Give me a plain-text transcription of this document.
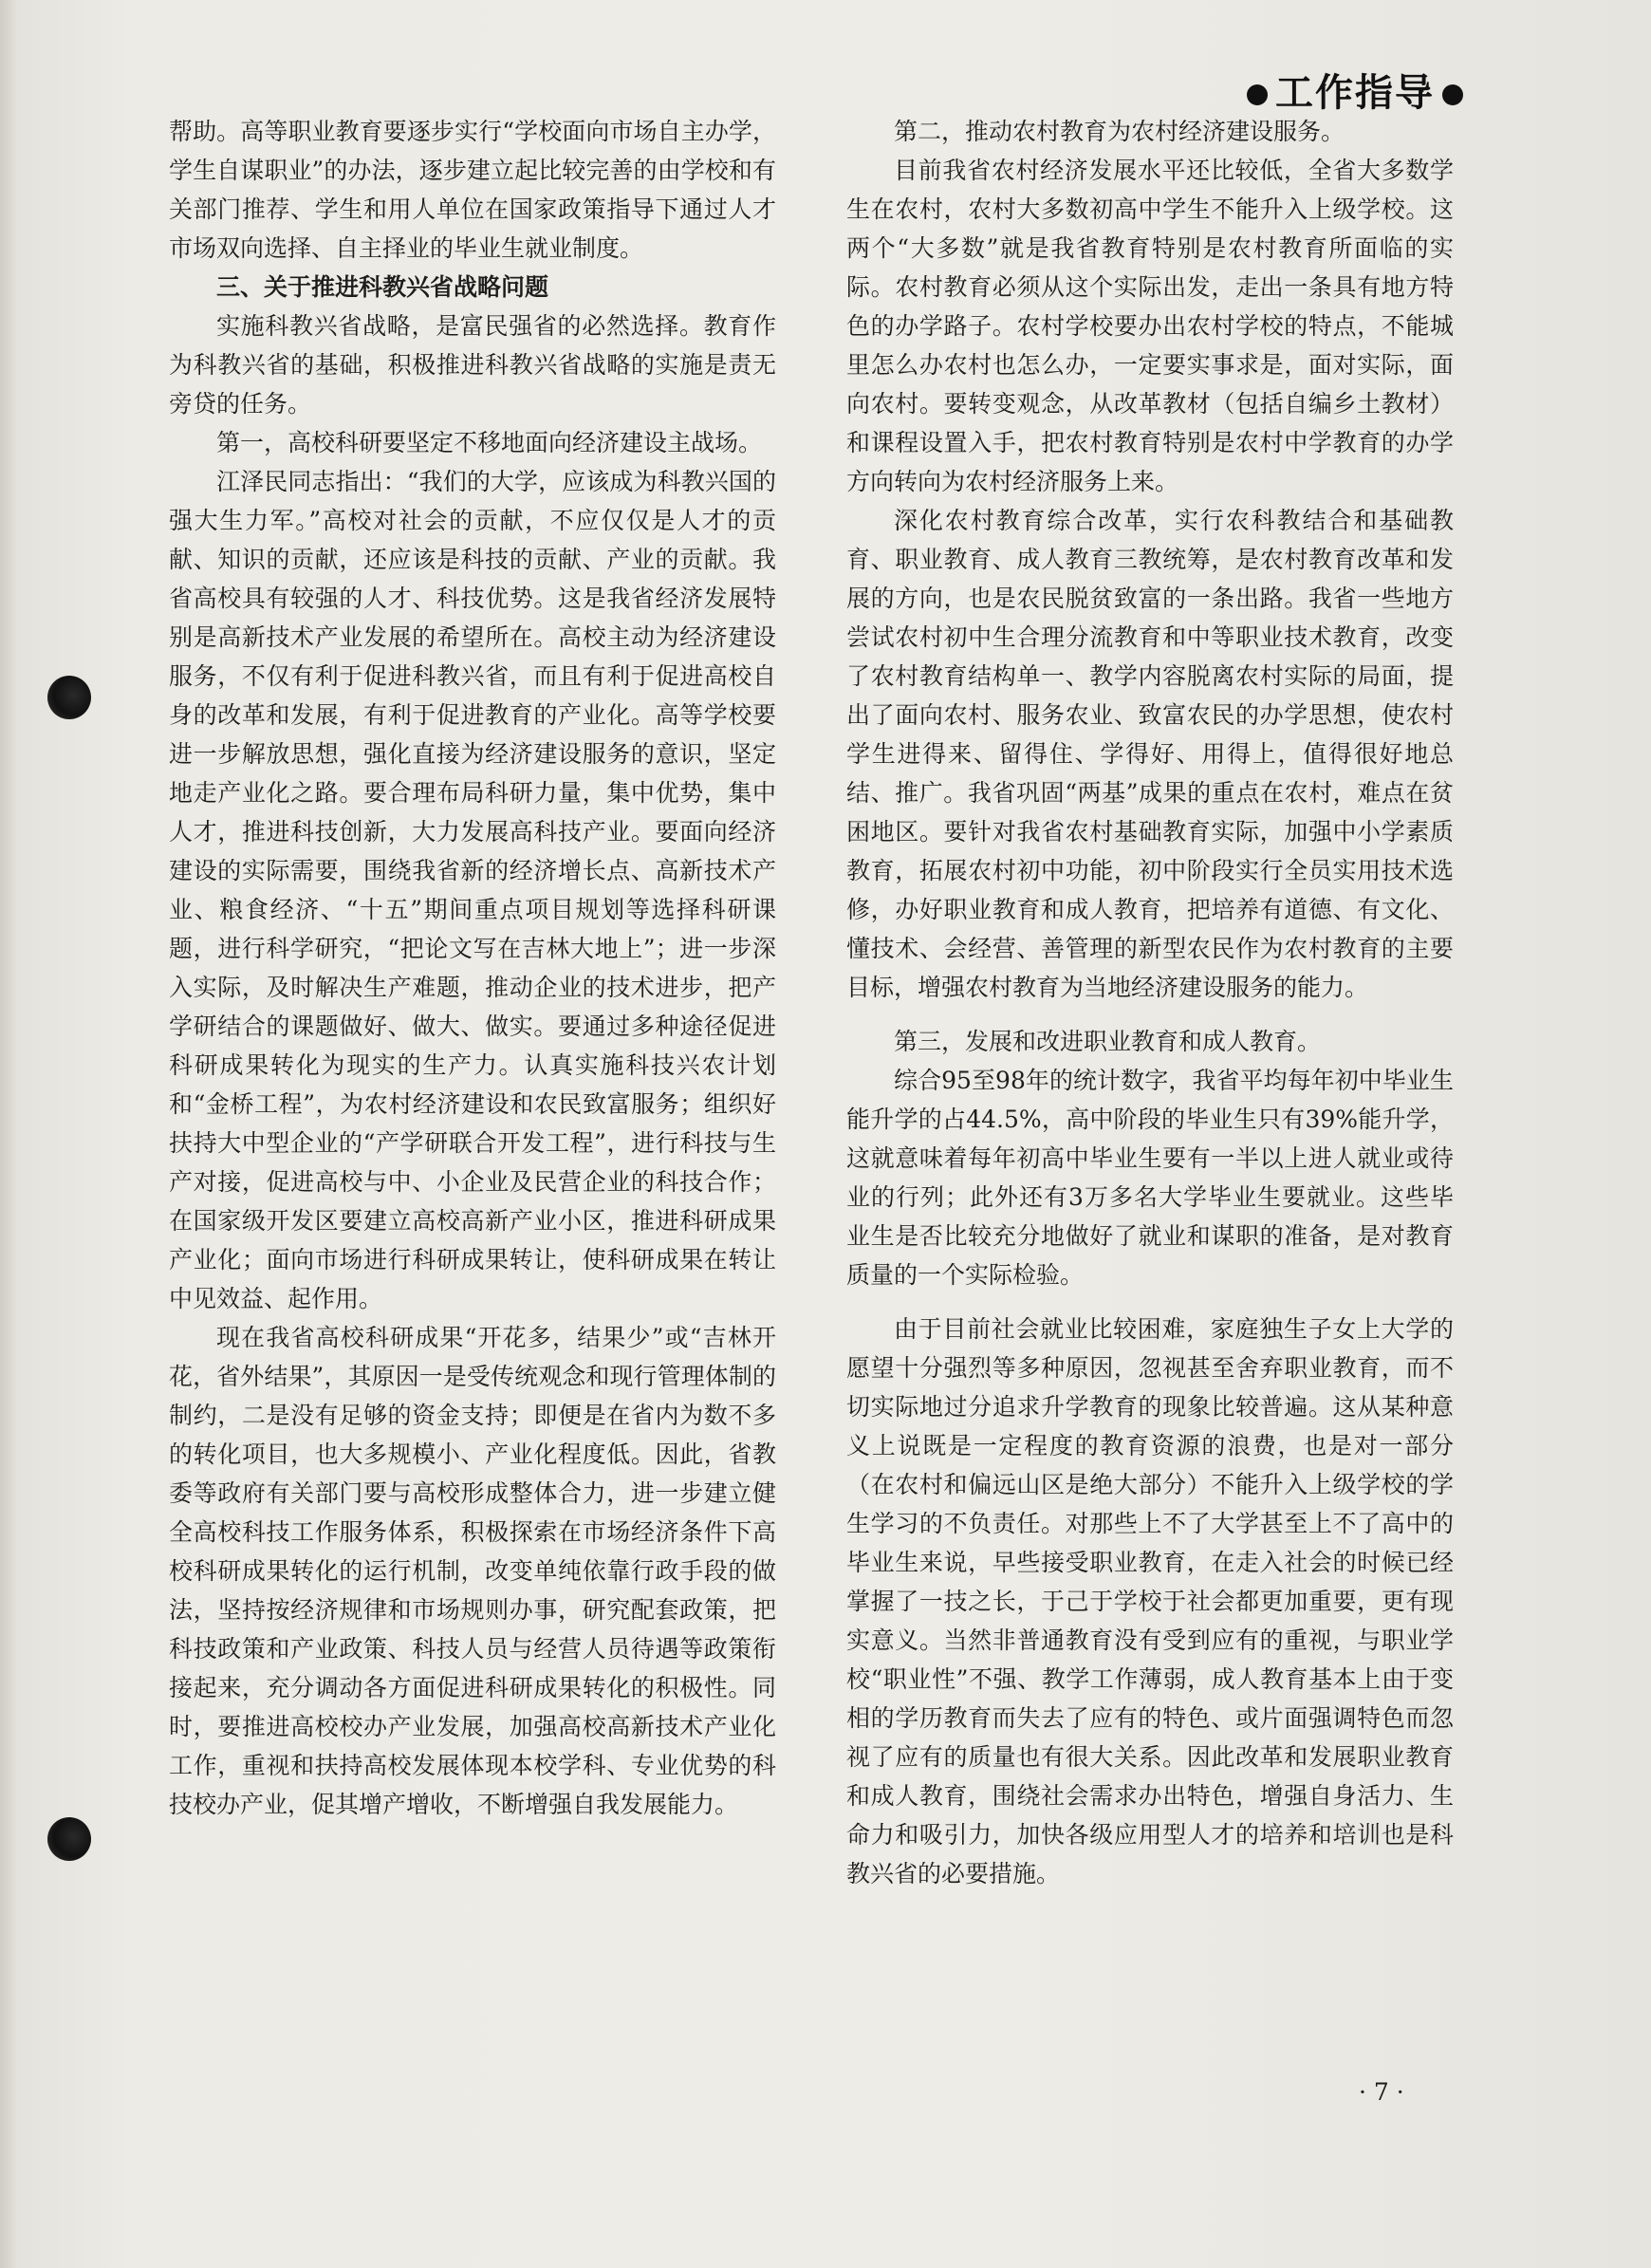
工作指导

帮助。高等职业教育要逐步实行“学校面向市场自主办学，学生自谋职业”的办法，逐步建立起比较完善的由学校和有关部门推荐、学生和用人单位在国家政策指导下通过人才市场双向选择、自主择业的毕业生就业制度。

三、关于推进科教兴省战略问题

实施科教兴省战略，是富民强省的必然选择。教育作为科教兴省的基础，积极推进科教兴省战略的实施是责无旁贷的任务。

第一，高校科研要坚定不移地面向经济建设主战场。

江泽民同志指出：“我们的大学，应该成为科教兴国的强大生力军。”高校对社会的贡献，不应仅仅是人才的贡献、知识的贡献，还应该是科技的贡献、产业的贡献。我省高校具有较强的人才、科技优势。这是我省经济发展特别是高新技术产业发展的希望所在。高校主动为经济建设服务，不仅有利于促进科教兴省，而且有利于促进高校自身的改革和发展，有利于促进教育的产业化。高等学校要进一步解放思想，强化直接为经济建设服务的意识，坚定地走产业化之路。要合理布局科研力量，集中优势，集中人才，推进科技创新，大力发展高科技产业。要面向经济建设的实际需要，围绕我省新的经济增长点、高新技术产业、粮食经济、“十五”期间重点项目规划等选择科研课题，进行科学研究，“把论文写在吉林大地上”；进一步深入实际，及时解决生产难题，推动企业的技术进步，把产学研结合的课题做好、做大、做实。要通过多种途径促进科研成果转化为现实的生产力。认真实施科技兴农计划和“金桥工程”，为农村经济建设和农民致富服务；组织好扶持大中型企业的“产学研联合开发工程”，进行科技与生产对接，促进高校与中、小企业及民营企业的科技合作；在国家级开发区要建立高校高新产业小区，推进科研成果产业化；面向市场进行科研成果转让，使科研成果在转让中见效益、起作用。

现在我省高校科研成果“开花多，结果少”或“吉林开花，省外结果”，其原因一是受传统观念和现行管理体制的制约，二是没有足够的资金支持；即便是在省内为数不多的转化项目，也大多规模小、产业化程度低。因此，省教委等政府有关部门要与高校形成整体合力，进一步建立健全高校科技工作服务体系，积极探索在市场经济条件下高校科研成果转化的运行机制，改变单纯依靠行政手段的做法，坚持按经济规律和市场规则办事，研究配套政策，把科技政策和产业政策、科技人员与经营人员待遇等政策衔接起来，充分调动各方面促进科研成果转化的积极性。同时，要推进高校校办产业发展，加强高校高新技术产业化工作，重视和扶持高校发展体现本校学科、专业优势的科技校办产业，促其增产增收，不断增强自我发展能力。

第二，推动农村教育为农村经济建设服务。

目前我省农村经济发展水平还比较低，全省大多数学生在农村，农村大多数初高中学生不能升入上级学校。这两个“大多数”就是我省教育特别是农村教育所面临的实际。农村教育必须从这个实际出发，走出一条具有地方特色的办学路子。农村学校要办出农村学校的特点，不能城里怎么办农村也怎么办，一定要实事求是，面对实际，面向农村。要转变观念，从改革教材（包括自编乡土教材）和课程设置入手，把农村教育特别是农村中学教育的办学方向转向为农村经济服务上来。

深化农村教育综合改革，实行农科教结合和基础教育、职业教育、成人教育三教统筹，是农村教育改革和发展的方向，也是农民脱贫致富的一条出路。我省一些地方尝试农村初中生合理分流教育和中等职业技术教育，改变了农村教育结构单一、教学内容脱离农村实际的局面，提出了面向农村、服务农业、致富农民的办学思想，使农村学生进得来、留得住、学得好、用得上，值得很好地总结、推广。我省巩固“两基”成果的重点在农村，难点在贫困地区。要针对我省农村基础教育实际，加强中小学素质教育，拓展农村初中功能，初中阶段实行全员实用技术选修，办好职业教育和成人教育，把培养有道德、有文化、懂技术、会经营、善管理的新型农民作为农村教育的主要目标，增强农村教育为当地经济建设服务的能力。

第三，发展和改进职业教育和成人教育。

综合95至98年的统计数字，我省平均每年初中毕业生能升学的占44.5%，高中阶段的毕业生只有39%能升学，这就意味着每年初高中毕业生要有一半以上进人就业或待业的行列；此外还有3万多名大学毕业生要就业。这些毕业生是否比较充分地做好了就业和谋职的准备，是对教育质量的一个实际检验。

由于目前社会就业比较困难，家庭独生子女上大学的愿望十分强烈等多种原因，忽视甚至舍弃职业教育，而不切实际地过分追求升学教育的现象比较普遍。这从某种意义上说既是一定程度的教育资源的浪费，也是对一部分（在农村和偏远山区是绝大部分）不能升入上级学校的学生学习的不负责任。对那些上不了大学甚至上不了高中的毕业生来说，早些接受职业教育，在走入社会的时候已经掌握了一技之长，于己于学校于社会都更加重要，更有现实意义。当然非普通教育没有受到应有的重视，与职业学校“职业性”不强、教学工作薄弱，成人教育基本上由于变相的学历教育而失去了应有的特色、或片面强调特色而忽视了应有的质量也有很大关系。因此改革和发展职业教育和成人教育，围绕社会需求办出特色，增强自身活力、生命力和吸引力，加快各级应用型人才的培养和培训也是科教兴省的必要措施。

· 7 ·
